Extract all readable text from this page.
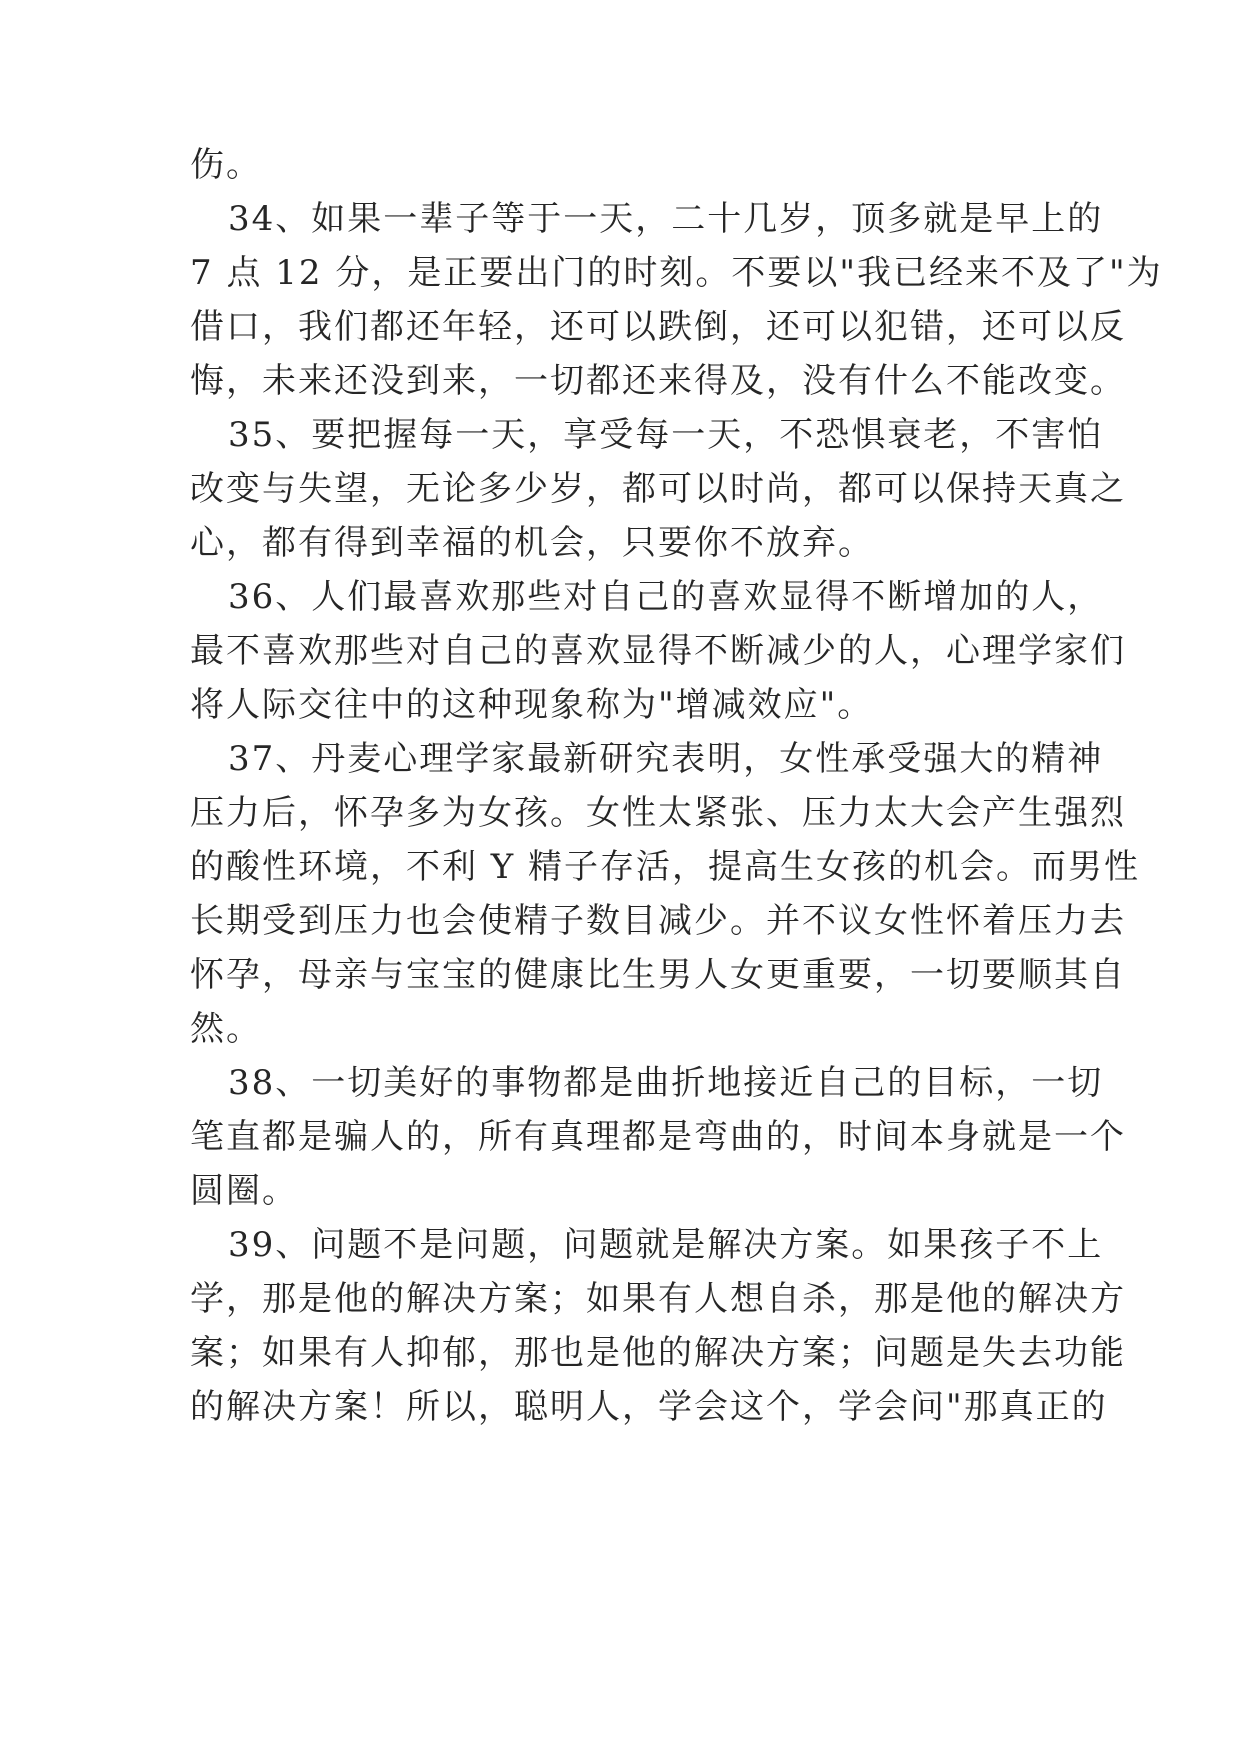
伤。
34、如果一辈子等于一天，二十几岁，顶多就是早上的
7 点 12 分，是正要出门的时刻。不要以"我已经来不及了"为
借口，我们都还年轻，还可以跌倒，还可以犯错，还可以反
悔，未来还没到来，一切都还来得及，没有什么不能改变。
35、要把握每一天，享受每一天，不恐惧衰老，不害怕
改变与失望，无论多少岁，都可以时尚，都可以保持天真之
心，都有得到幸福的机会，只要你不放弃。
36、人们最喜欢那些对自己的喜欢显得不断增加的人，
最不喜欢那些对自己的喜欢显得不断减少的人，心理学家们
将人际交往中的这种现象称为"增减效应"。
37、丹麦心理学家最新研究表明，女性承受强大的精神
压力后，怀孕多为女孩。女性太紧张、压力太大会产生强烈
的酸性环境，不利 Y 精子存活，提高生女孩的机会。而男性
长期受到压力也会使精子数目减少。并不议女性怀着压力去
怀孕，母亲与宝宝的健康比生男人女更重要，一切要顺其自
然。
38、一切美好的事物都是曲折地接近自己的目标，一切
笔直都是骗人的，所有真理都是弯曲的，时间本身就是一个
圆圈。
39、问题不是问题，问题就是解决方案。如果孩子不上
学，那是他的解决方案；如果有人想自杀，那是他的解决方
案；如果有人抑郁，那也是他的解决方案；问题是失去功能
的解决方案！所以，聪明人，学会这个，学会问"那真正的
